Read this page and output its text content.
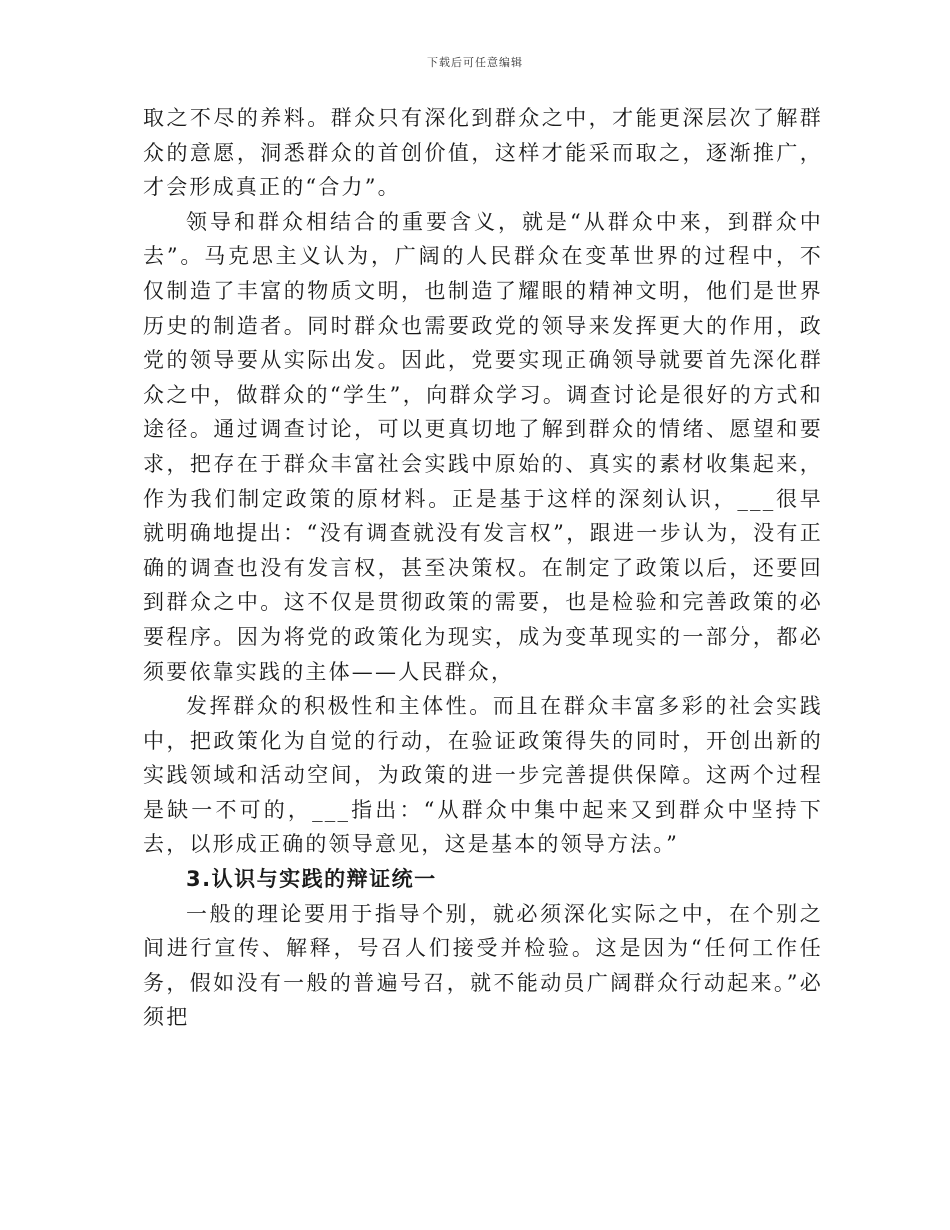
下载后可任意编辑

取之不尽的养料。群众只有深化到群众之中，才能更深层次了解群众的意愿，洞悉群众的首创价值，这样才能采而取之，逐渐推广，才会形成真正的“合力”。

领导和群众相结合的重要含义，就是“从群众中来，到群众中去”。马克思主义认为，广阔的人民群众在变革世界的过程中，不仅制造了丰富的物质文明，也制造了耀眼的精神文明，他们是世界历史的制造者。同时群众也需要政党的领导来发挥更大的作用，政党的领导要从实际出发。因此，党要实现正确领导就要首先深化群众之中，做群众的“学生”，向群众学习。调查讨论是很好的方式和途径。通过调查讨论，可以更真切地了解到群众的情绪、愿望和要求，把存在于群众丰富社会实践中原始的、真实的素材收集起来，作为我们制定政策的原材料。正是基于这样的深刻认识，___很早就明确地提出：“没有调查就没有发言权”，跟进一步认为，没有正确的调查也没有发言权，甚至决策权。在制定了政策以后，还要回到群众之中。这不仅是贯彻政策的需要，也是检验和完善政策的必要程序。因为将党的政策化为现实，成为变革现实的一部分，都必须要依靠实践的主体——人民群众，

发挥群众的积极性和主体性。而且在群众丰富多彩的社会实践中，把政策化为自觉的行动，在验证政策得失的同时，开创出新的实践领域和活动空间，为政策的进一步完善提供保障。这两个过程是缺一不可的，___指出：“从群众中集中起来又到群众中坚持下去，以形成正确的领导意见，这是基本的领导方法。”

3.认识与实践的辩证统一

一般的理论要用于指导个别，就必须深化实际之中，在个别之间进行宣传、解释，号召人们接受并检验。这是因为“任何工作任务，假如没有一般的普遍号召，就不能动员广阔群众行动起来。”必须把
